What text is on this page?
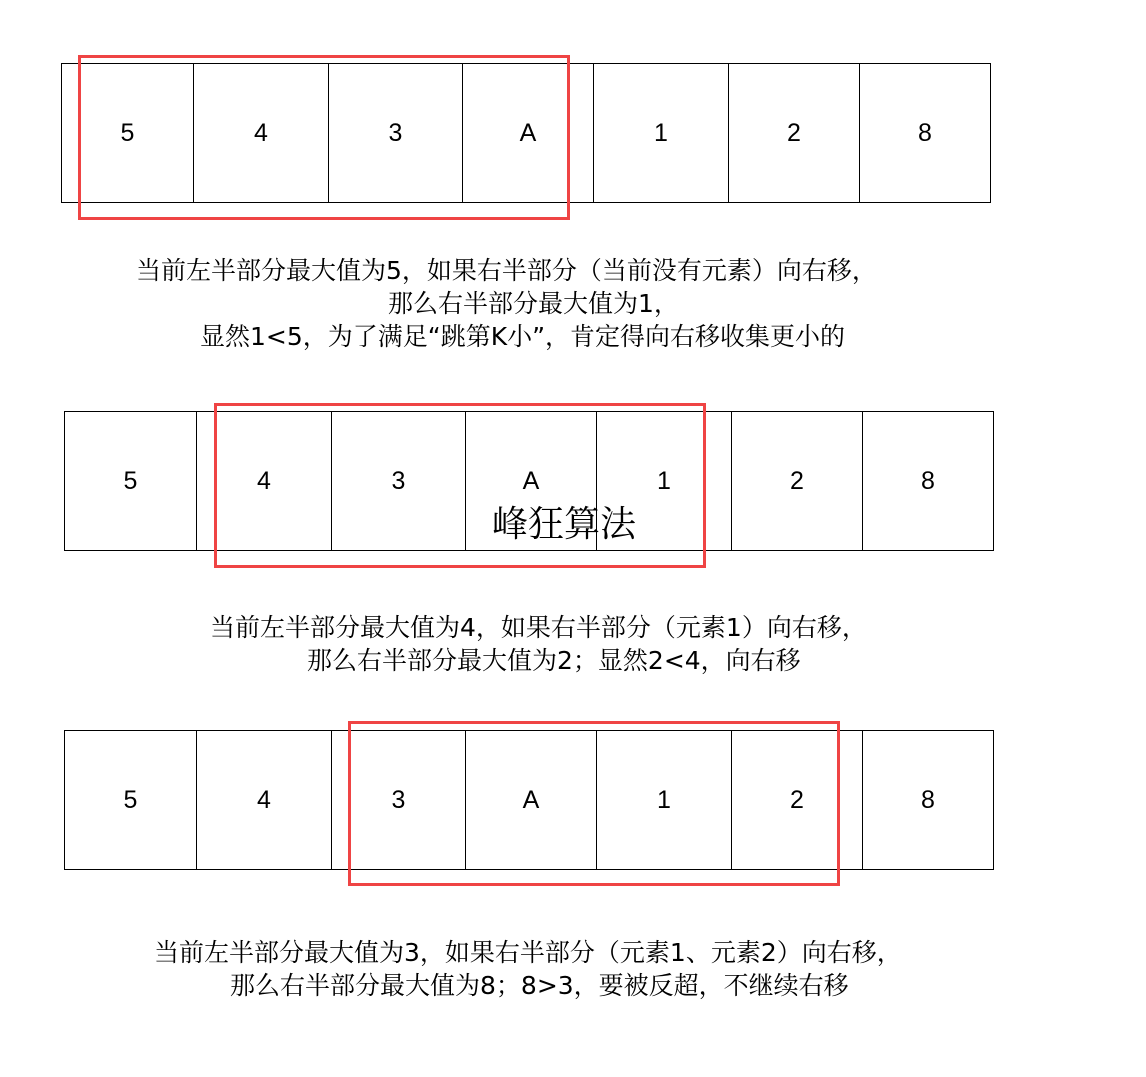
5	4	3	A	1	2	8
当前左半部分最大值为5，如果右半部分（当前没有元素）向右移，
那么右半部分最大值为1，
显然1<5，为了满足“跳第K小”，肯定得向右移收集更小的
5	4	3	A	1	2	8
峰狂算法
当前左半部分最大值为4，如果右半部分（元素1）向右移，
那么右半部分最大值为2；显然2<4，向右移
5	4	3	A	1	2	8
当前左半部分最大值为3，如果右半部分（元素1、元素2）向右移，
那么右半部分最大值为8；8>3，要被反超，不继续右移
